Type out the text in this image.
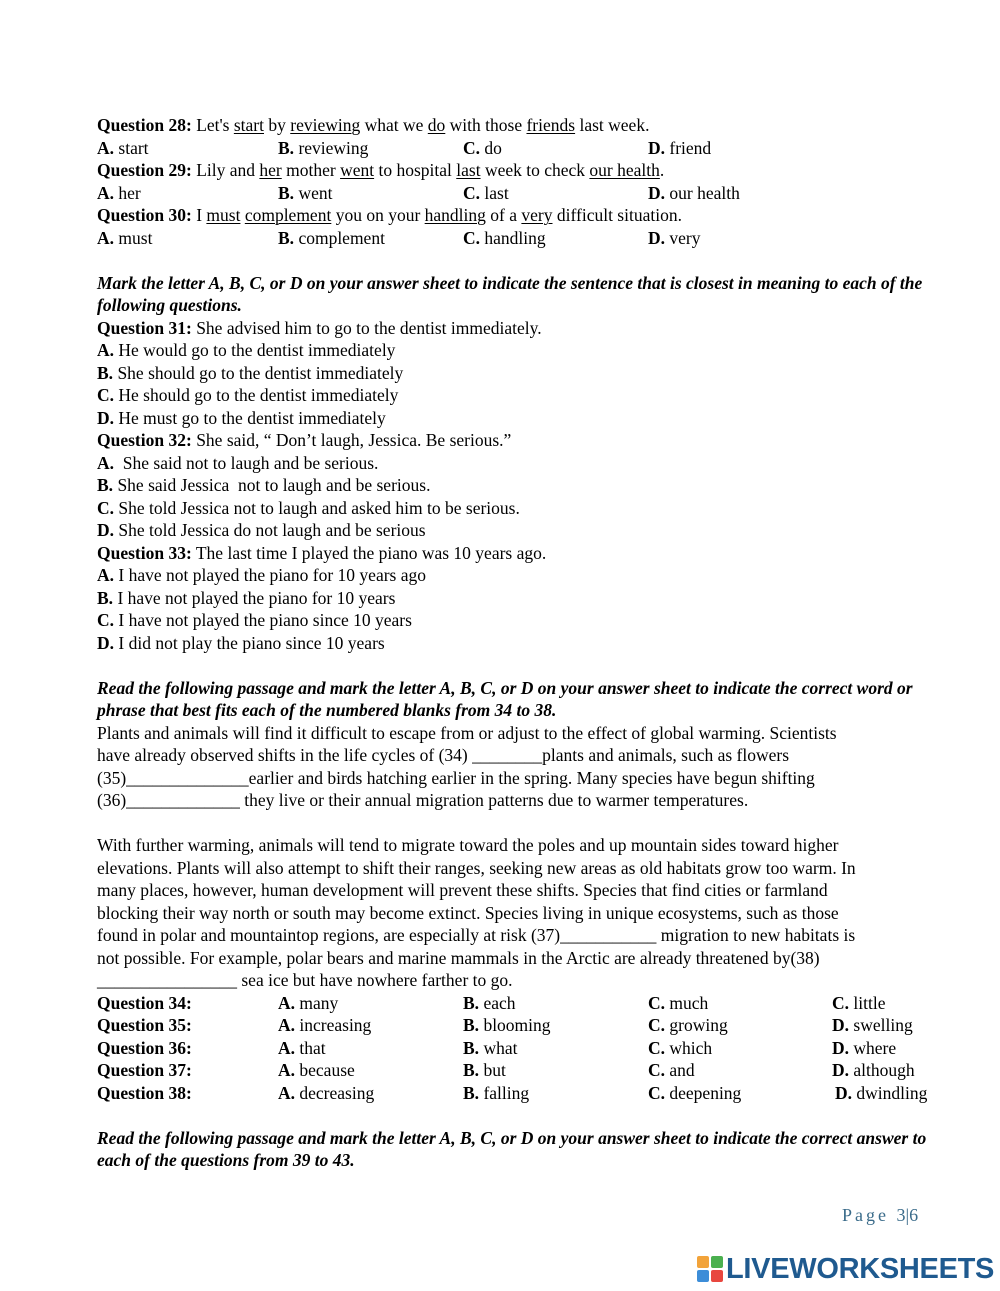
Question 28: Let's start by reviewing what we do with those friends last week.
A. start	B. reviewing	C. do	D. friend
Question 29: Lily and her mother went to hospital last week to check our health.
A. her	B. went	C. last	D. our health
Question 30: I must complement you on your handling of a very difficult situation.
A. must	B. complement	C. handling	D. very
Mark the letter A, B, C, or D on your answer sheet to indicate the sentence that is closest in meaning to each of the following questions.
Question 31: She advised him to go to the dentist immediately.
A. He would go to the dentist immediately
B. She should go to the dentist immediately
C. He should go to the dentist immediately
D. He must go to the dentist immediately
Question 32: She said, “ Don’t laugh, Jessica. Be serious.”
A.  She said not to laugh and be serious.
B. She said Jessica  not to laugh and be serious.
C. She told Jessica not to laugh and asked him to be serious.
D. She told Jessica do not laugh and be serious
Question 33: The last time I played the piano was 10 years ago.
A. I have not played the piano for 10 years ago
B. I have not played the piano for 10 years
C. I have not played the piano since 10 years
D. I did not play the piano since 10 years
Read the following passage and mark the letter A, B, C, or D on your answer sheet to indicate the correct word or phrase that best fits each of the numbered blanks from 34 to 38.
Plants and animals will find it difficult to escape from or adjust to the effect of global warming. Scientists
have already observed shifts in the life cycles of (34) ________plants and animals, such as flowers
(35)______________earlier and birds hatching earlier in the spring. Many species have begun shifting
(36)_____________ they live or their annual migration patterns due to warmer temperatures.
With further warming, animals will tend to migrate toward the poles and up mountain sides toward higher
elevations. Plants will also attempt to shift their ranges, seeking new areas as old habitats grow too warm. In
many places, however, human development will prevent these shifts. Species that find cities or farmland
blocking their way north or south may become extinct. Species living in unique ecosystems, such as those
found in polar and mountaintop regions, are especially at risk (37)___________ migration to new habitats is
not possible. For example, polar bears and marine mammals in the Arctic are already threatened by(38)
________________ sea ice but have nowhere farther to go.
Question 34:	A. many	B. each	C. much	C. little
Question 35:	A. increasing	B. blooming	C. growing	D. swelling
Question 36:	A. that	B. what	C. which	D. where
Question 37:	A. because	B. but	C. and	D. although
Question 38:	A. decreasing	B. falling	C. deepening	D. dwindling
Read the following passage and mark the letter A, B, C, or D on your answer sheet to indicate the correct answer to each of the questions from 39 to 43.
Page 3|6
LIVEWORKSHEETS
